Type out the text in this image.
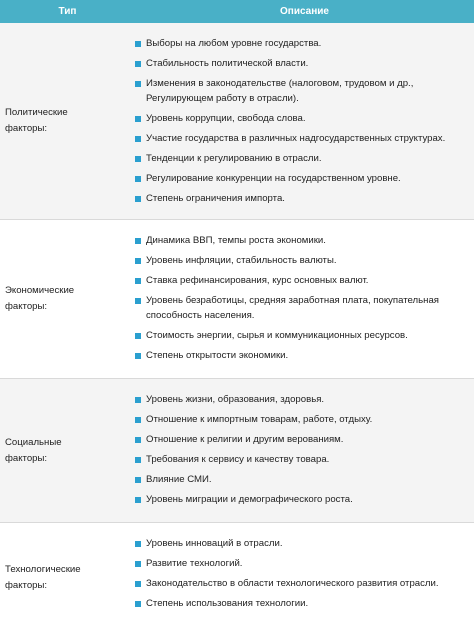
Тип	Описание
Политические факторы:
Выборы на любом уровне государства.
Стабильность политической власти.
Изменения в законодательстве (налоговом, трудовом и др., Регулирующем работу в отрасли).
Уровень коррупции, свобода слова.
Участие государства в различных надгосударственных структурах.
Тенденции к регулированию в отрасли.
Регулирование конкуренции на государственном уровне.
Степень ограничения импорта.
Экономические факторы:
Динамика ВВП, темпы роста экономики.
Уровень инфляции, стабильность валюты.
Ставка рефинансирования, курс основных валют.
Уровень безработицы, средняя заработная плата, покупательная способность населения.
Стоимость энергии, сырья и коммуникационных ресурсов.
Степень открытости экономики.
Социальные факторы:
Уровень жизни, образования, здоровья.
Отношение к импортным товарам, работе, отдыху.
Отношение к религии и другим верованиям.
Требования к сервису и качеству товара.
Влияние СМИ.
Уровень миграции и демографического роста.
Технологические факторы:
Уровень инноваций в отрасли.
Развитие технологий.
Законодательство в области технологического развития отрасли.
Степень использования технологии.
